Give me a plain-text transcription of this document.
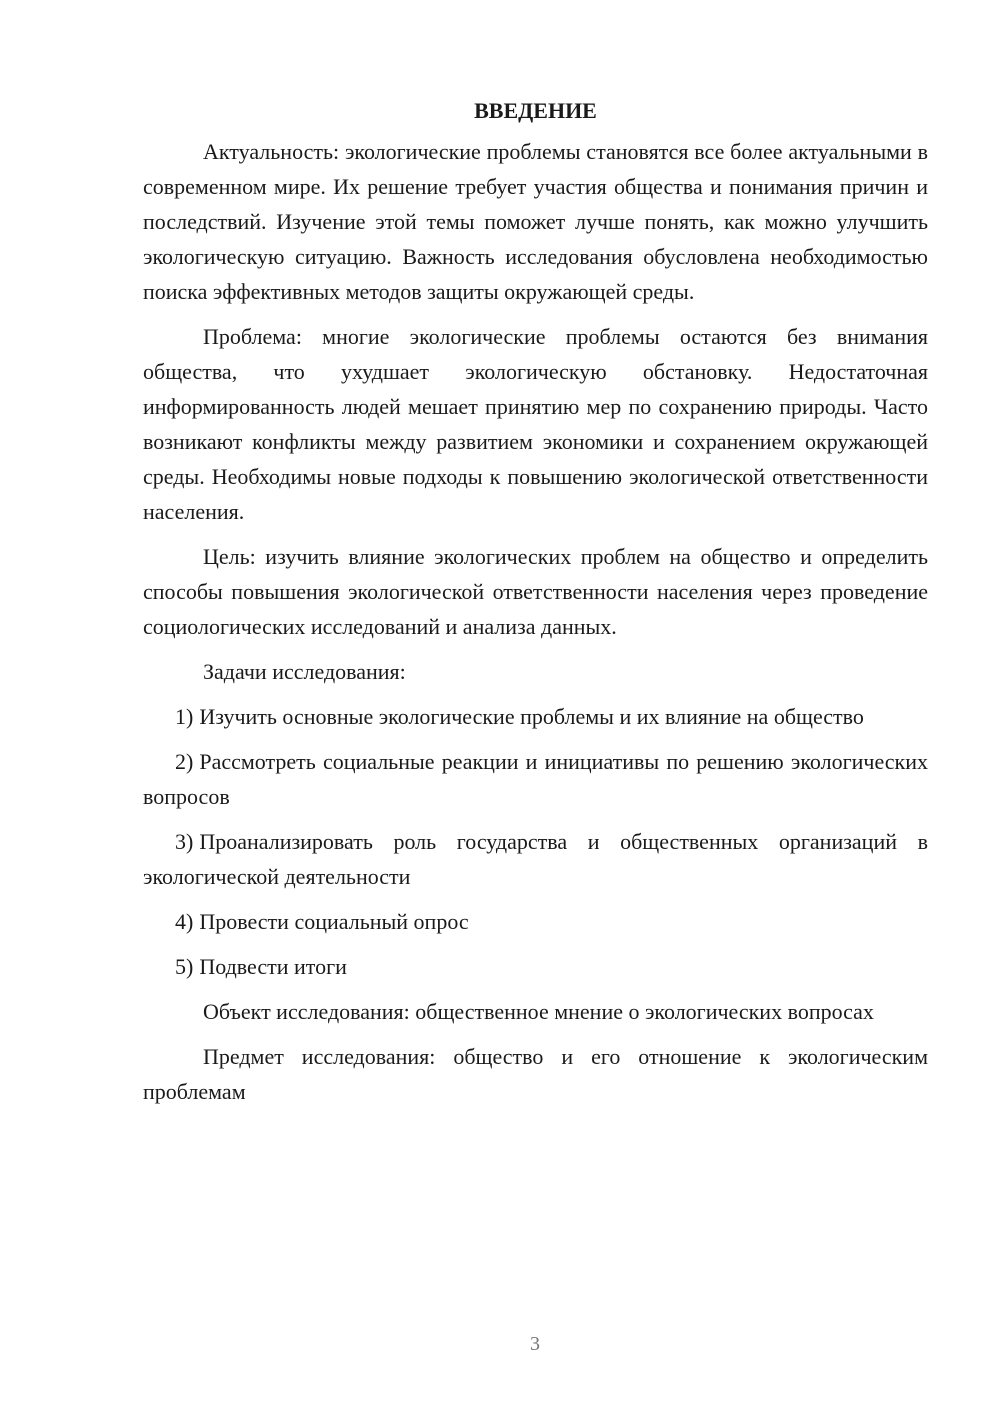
ВВЕДЕНИЕ

Актуальность: экологические проблемы становятся все более актуальными в современном мире. Их решение требует участия общества и понимания причин и последствий. Изучение этой темы поможет лучше понять, как можно улучшить экологическую ситуацию. Важность исследования обусловлена необходимостью поиска эффективных методов защиты окружающей среды.

Проблема: многие экологические проблемы остаются без внимания общества, что ухудшает экологическую обстановку. Недостаточная информированность людей мешает принятию мер по сохранению природы. Часто возникают конфликты между развитием экономики и сохранением окружающей среды. Необходимы новые подходы к повышению экологической ответственности населения.

Цель: изучить влияние экологических проблем на общество и определить способы повышения экологической ответственности населения через проведение социологических исследований и анализа данных.

Задачи исследования:

1) Изучить основные экологические проблемы и их влияние на общество
2) Рассмотреть социальные реакции и инициативы по решению экологических вопросов
3) Проанализировать роль государства и общественных организаций в экологической деятельности
4) Провести социальный опрос
5) Подвести итоги

Объект исследования: общественное мнение о экологических вопросах

Предмет исследования: общество и его отношение к экологическим проблемам

3
